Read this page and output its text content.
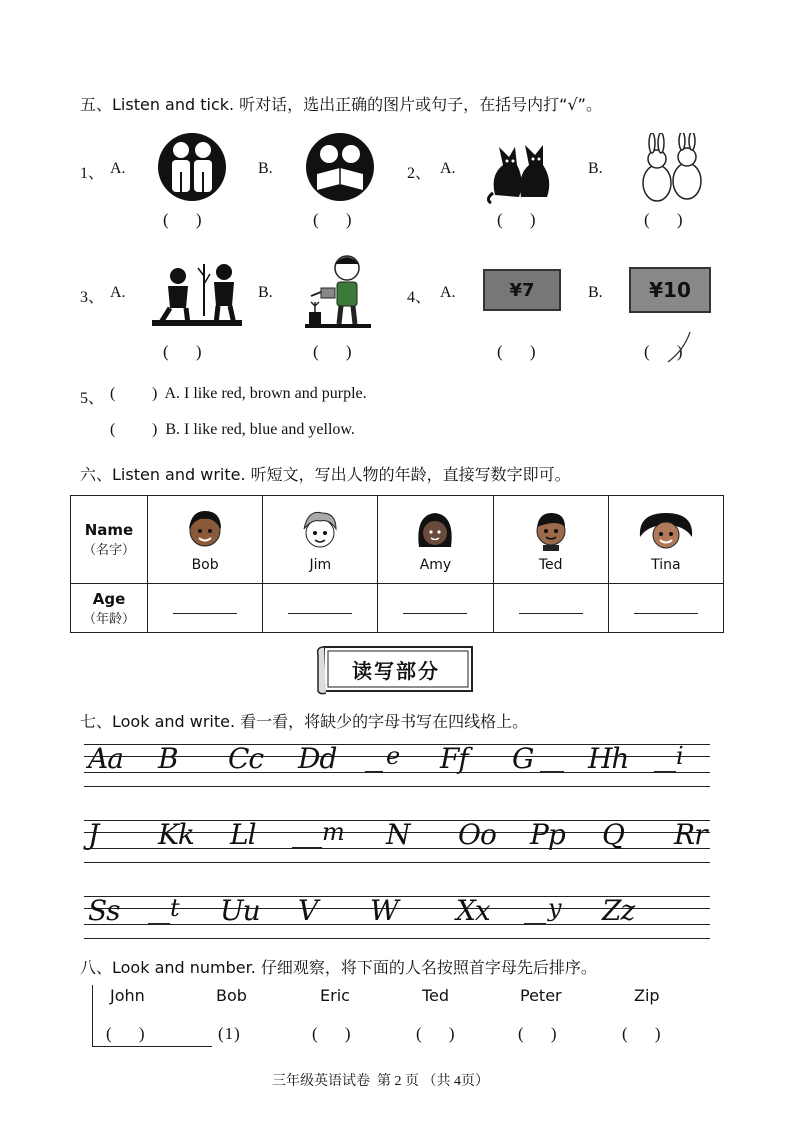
五、Listen and tick. 听对话，选出正确的图片或句子，在括号内打“√”。
1、 A.	B.	2、 A.	B.
(     )	(     )	(     )	(     )
3、 A.	B.	4、 A.	¥7	B. ¥10
(     )	(     )	(     )	(     )
5、 ( )  A. I like red, brown and purple.
( )  B. I like red, blue and yellow.
六、Listen and write. 听短文，写出人物的年龄，直接写数字即可。
Name
（名字）	Bob	Jim	Amy	Ted	Tina

Age
（年龄）					

读写部分
七、Look and write. 看一看，将缺少的字母书写在四线格上。
Aa B Cc Dd e Ff G Hh i
J Kk Ll	m N Oo Pp Q Rr
Ss t Uu V W Xx y Zz
八、Look and number. 仔细观察，将下面的人名按照首字母先后排序。
John	Bob	Eric	Ted	Peter	Zip
(     )	(1)	(     )	(     )	(     )	(     )
三年级英语试卷  第 2 页 （共 4页）
